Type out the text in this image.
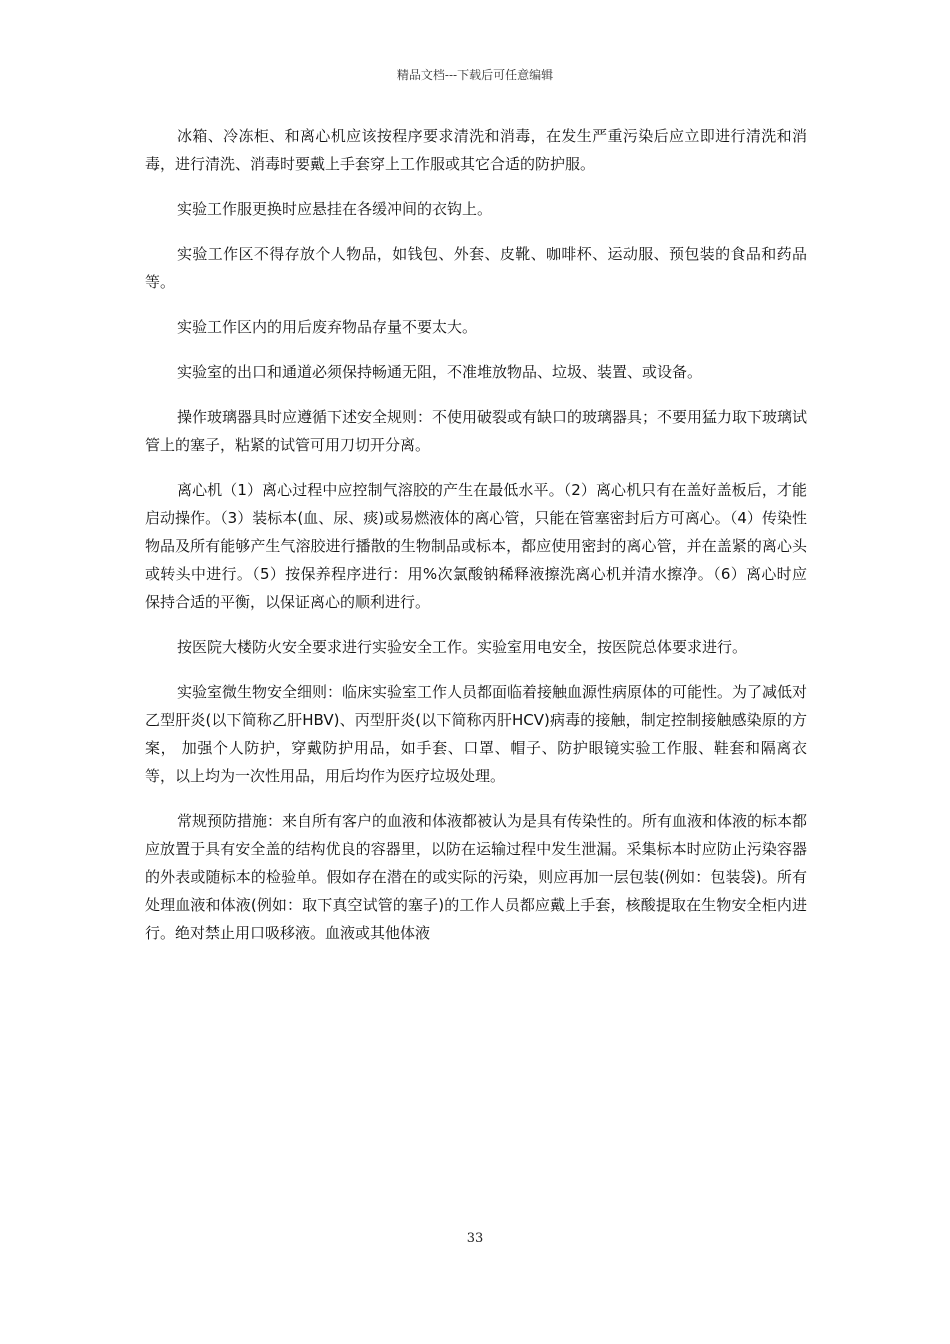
精品文档---下载后可任意编辑

冰箱、冷冻柜、和离心机应该按程序要求清洗和消毒，在发生严重污染后应立即进行清洗和消毒，进行清洗、消毒时要戴上手套穿上工作服或其它合适的防护服。

实验工作服更换时应悬挂在各缓冲间的衣钩上。

实验工作区不得存放个人物品，如钱包、外套、皮靴、咖啡杯、运动服、预包装的食品和药品等。

实验工作区内的用后废弃物品存量不要太大。

实验室的出口和通道必须保持畅通无阻，不准堆放物品、垃圾、装置、或设备。

操作玻璃器具时应遵循下述安全规则：不使用破裂或有缺口的玻璃器具；不要用猛力取下玻璃试管上的塞子，粘紧的试管可用刀切开分离。

离心机（1）离心过程中应控制气溶胶的产生在最低水平。（2）离心机只有在盖好盖板后，才能启动操作。（3）装标本(血、尿、痰)或易燃液体的离心管，只能在管塞密封后方可离心。（4）传染性物品及所有能够产生气溶胶进行播散的生物制品或标本，都应使用密封的离心管，并在盖紧的离心头或转头中进行。（5）按保养程序进行：用%次氯酸钠稀释液擦洗离心机并清水擦净。（6）离心时应保持合适的平衡，以保证离心的顺利进行。

按医院大楼防火安全要求进行实验安全工作。实验室用电安全，按医院总体要求进行。

实验室微生物安全细则：临床实验室工作人员都面临着接触血源性病原体的可能性。为了减低对乙型肝炎(以下简称乙肝HBV)、丙型肝炎(以下简称丙肝HCV)病毒的接触，制定控制接触感染原的方案， 加强个人防护，穿戴防护用品，如手套、口罩、帽子、防护眼镜实验工作服、鞋套和隔离衣等，以上均为一次性用品，用后均作为医疗垃圾处理。

常规预防措施：来自所有客户的血液和体液都被认为是具有传染性的。所有血液和体液的标本都应放置于具有安全盖的结构优良的容器里，以防在运输过程中发生泄漏。采集标本时应防止污染容器的外表或随标本的检验单。假如存在潜在的或实际的污染，则应再加一层包装(例如：包装袋)。所有处理血液和体液(例如：取下真空试管的塞子)的工作人员都应戴上手套，核酸提取在生物安全柜内进行。绝对禁止用口吸移液。血液或其他体液

33
